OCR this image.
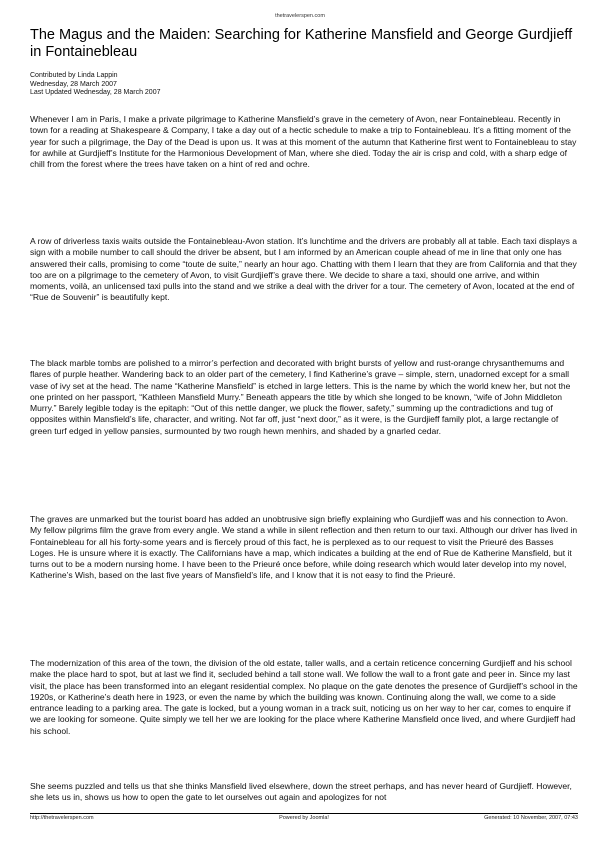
thetravelerspen.com
The Magus and the Maiden: Searching for Katherine Mansfield and George Gurdjieff in Fontainebleau
Contributed by Linda Lappin
Wednesday, 28 March 2007
Last Updated Wednesday, 28 March 2007

Whenever I am in Paris, I make a private pilgrimage to Katherine Mansfield’s grave in the cemetery of Avon, near Fontainebleau. Recently in town for a reading at Shakespeare & Company, I take a day out of a hectic schedule to make a trip to Fontainebleau. It’s a fitting moment of the year for such a pilgrimage, the Day of the Dead is upon us. It was at this moment of the autumn that Katherine first went to Fontainebleau to stay for awhile at Gurdjieff’s Institute for the Harmonious Development of Man, where she died. Today the air is crisp and cold, with a sharp edge of chill from the forest where the trees have taken on a hint of red and ochre.

A row of driverless taxis waits outside the Fontainebleau-Avon station. It’s lunchtime and the drivers are probably all at table. Each taxi displays a sign with a mobile number to call should the driver be absent, but I am informed by an American couple ahead of me in line that only one has answered their calls, promising to come “toute de suite,” nearly an hour ago. Chatting with them I learn that they are from California and that they too are on a pilgrimage to the cemetery of Avon, to visit Gurdjieff’s grave there. We decide to share a taxi, should one arrive, and within moments, voilà, an unlicensed taxi pulls into the stand and we strike a deal with the driver for a tour. The cemetery of Avon, located at the end of “Rue de Souvenir” is beautifully kept.

The black marble tombs are polished to a mirror’s perfection and decorated with bright bursts of yellow and rust-orange chrysanthemums and flares of purple heather. Wandering back to an older part of the cemetery, I find Katherine’s grave – simple, stern, unadorned except for a small vase of ivy set at the head. The name “Katherine Mansfield” is etched in large letters. This is the name by which the world knew her, but not the one printed on her passport, “Kathleen Mansfield Murry.” Beneath appears the title by which she longed to be known, “wife of John Middleton Murry.” Barely legible today is the epitaph: “Out of this nettle danger, we pluck the flower, safety,” summing up the contradictions and tug of opposites within Mansfield’s life, character, and writing. Not far off, just “next door,” as it were, is the Gurdjieff family plot, a large rectangle of green turf edged in yellow pansies, surmounted by two rough hewn menhirs, and shaded by a gnarled cedar.

The graves are unmarked but the tourist board has added an unobtrusive sign briefly explaining who Gurdjieff was and his connection to Avon. My fellow pilgrims film the grave from every angle. We stand a while in silent reflection and then return to our taxi. Although our driver has lived in Fontainebleau for all his forty-some years and is fiercely proud of this fact, he is perplexed as to our request to visit the Prieuré des Basses Loges. He is unsure where it is exactly. The Californians have a map, which indicates a building at the end of Rue de Katherine Mansfield, but it turns out to be a modern nursing home. I have been to the Prieuré once before, while doing research which would later develop into my novel, Katherine’s Wish, based on the last five years of Mansfield’s life, and I know that it is not easy to find the Prieuré.

The modernization of this area of the town, the division of the old estate, taller walls, and a certain reticence concerning Gurdjieff and his school make the place hard to spot, but at last we find it, secluded behind a tall stone wall. We follow the wall to a front gate and peer in. Since my last visit, the place has been transformed into an elegant residential complex. No plaque on the gate denotes the presence of Gurdjieff’s school in the 1920s, or Katherine’s death here in 1923, or even the name by which the building was known. Continuing along the wall, we come to a side entrance leading to a parking area. The gate is locked, but a young woman in a track suit, noticing us on her way to her car, comes to enquire if we are looking for someone. Quite simply we tell her we are looking for the place where Katherine Mansfield once lived, and where Gurdjieff had his school.

She seems puzzled and tells us that she thinks Mansfield lived elsewhere, down the street perhaps, and has never heard of Gurdjieff. However, she lets us in, shows us how to open the gate to let ourselves out again and apologizes for not

http://thetravelerspen.com	Powered by Joomla!	Generated: 10 November, 2007, 07:43
